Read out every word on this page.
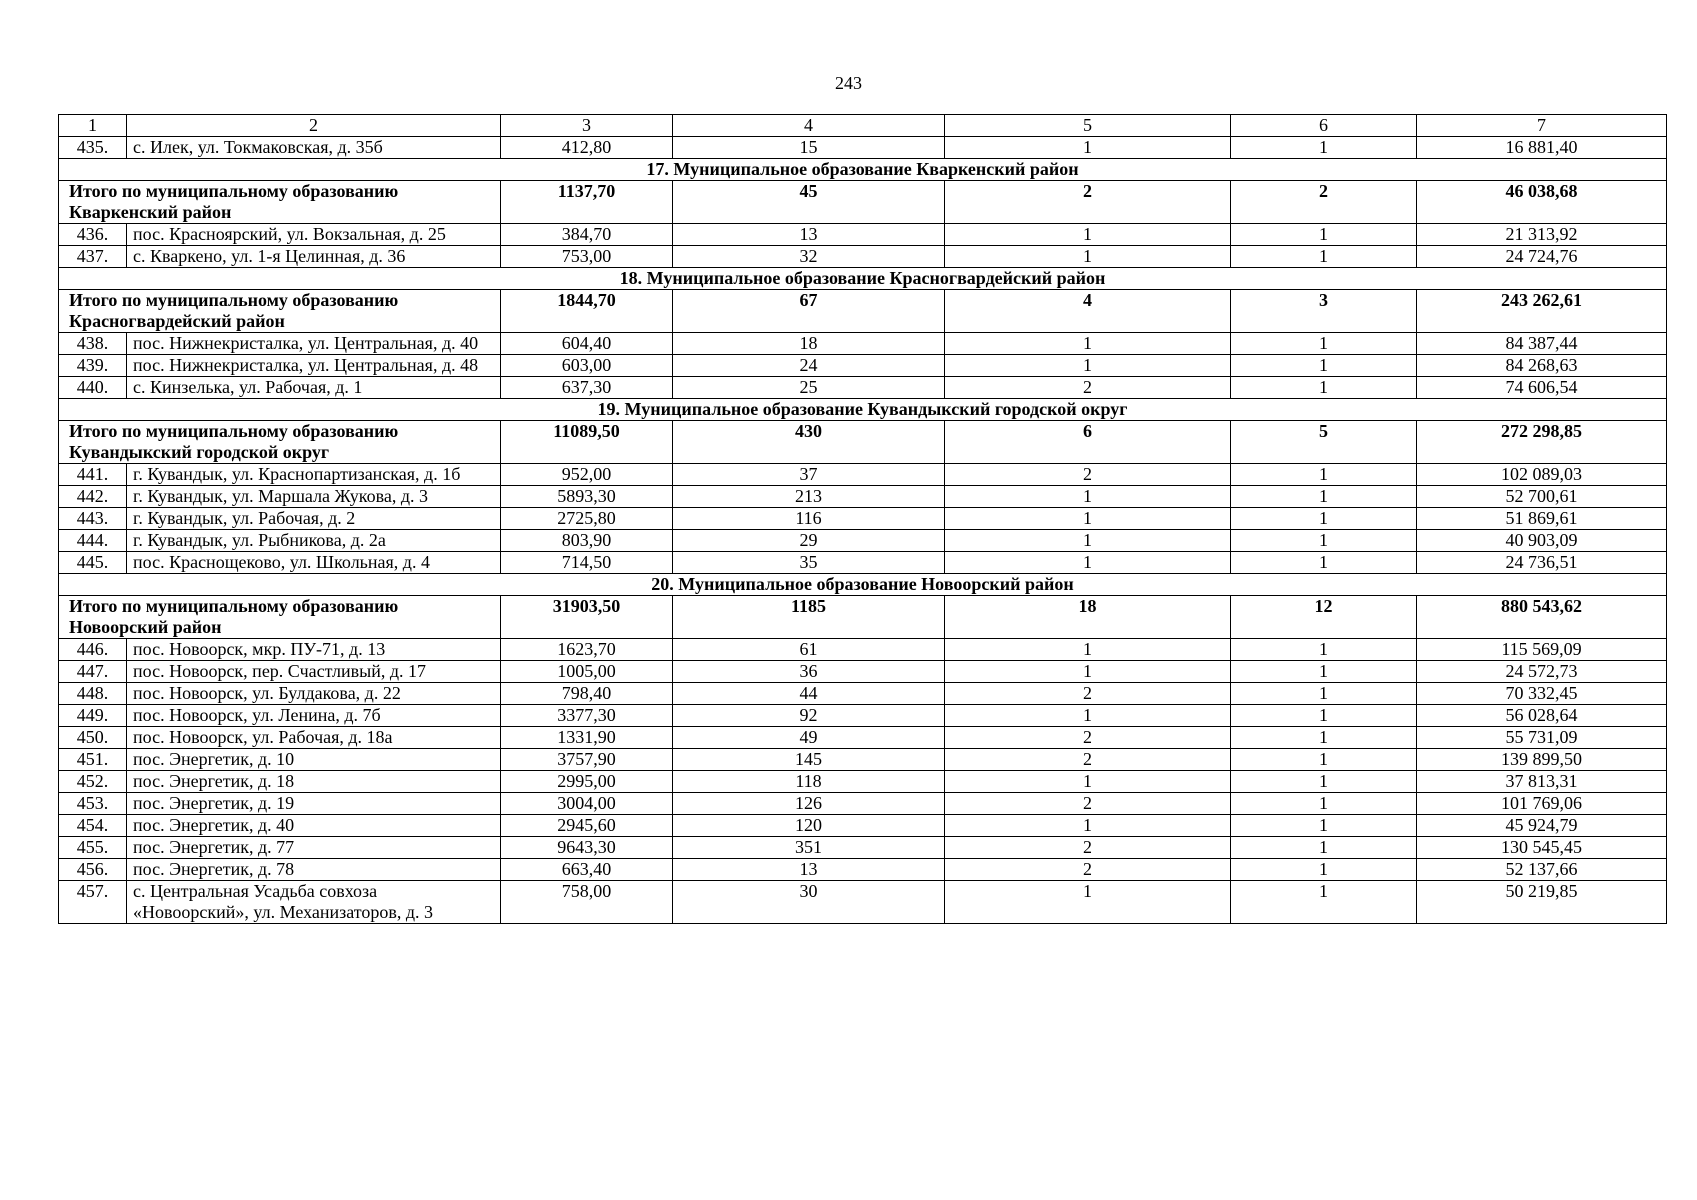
243
1	2	3	4	5	6	7
435.	с. Илек, ул. Токмаковская, д. 35б	412,80	15	1	1	16 881,40
17. Муниципальное образование Кваркенский район						
Итого по муниципальному образованию Кваркенский район		1137,70	45	2	2	46 038,68
436.	пос. Красноярский, ул. Вокзальная, д. 25	384,70	13	1	1	21 313,92
437.	с. Кваркено, ул. 1-я Целинная, д. 36	753,00	32	1	1	24 724,76
18. Муниципальное образование Красногвардейский район						
Итого по муниципальному образованию Красногвардейский район		1844,70	67	4	3	243 262,61
438.	пос. Нижнекристалка, ул. Центральная, д. 40	604,40	18	1	1	84 387,44
439.	пос. Нижнекристалка, ул. Центральная, д. 48	603,00	24	1	1	84 268,63
440.	с. Кинзелька, ул. Рабочая, д. 1	637,30	25	2	1	74 606,54
19. Муниципальное образование Кувандыкский городской округ						
Итого по муниципальному образованию Кувандыкский городской округ		11089,50	430	6	5	272 298,85
441.	г. Кувандык, ул. Краснопартизанская, д. 1б	952,00	37	2	1	102 089,03
442.	г. Кувандык, ул. Маршала Жукова, д. 3	5893,30	213	1	1	52 700,61
443.	г. Кувандык, ул. Рабочая, д. 2	2725,80	116	1	1	51 869,61
444.	г. Кувандык, ул. Рыбникова, д. 2а	803,90	29	1	1	40 903,09
445.	пос. Краснощеково, ул. Школьная, д. 4	714,50	35	1	1	24 736,51
20. Муниципальное образование Новоорский район						
Итого по муниципальному образованию Новоорский район		31903,50	1185	18	12	880 543,62
446.	пос. Новоорск, мкр. ПУ-71, д. 13	1623,70	61	1	1	115 569,09
447.	пос. Новоорск, пер. Счастливый, д. 17	1005,00	36	1	1	24 572,73
448.	пос. Новоорск, ул. Булдакова, д. 22	798,40	44	2	1	70 332,45
449.	пос. Новоорск, ул. Ленина, д. 7б	3377,30	92	1	1	56 028,64
450.	пос. Новоорск, ул. Рабочая, д. 18а	1331,90	49	2	1	55 731,09
451.	пос. Энергетик, д. 10	3757,90	145	2	1	139 899,50
452.	пос. Энергетик, д. 18	2995,00	118	1	1	37 813,31
453.	пос. Энергетик, д. 19	3004,00	126	2	1	101 769,06
454.	пос. Энергетик, д. 40	2945,60	120	1	1	45 924,79
455.	пос. Энергетик, д. 77	9643,30	351	2	1	130 545,45
456.	пос. Энергетик, д. 78	663,40	13	2	1	52 137,66
457.	с. Центральная Усадьба совхоза «Новоорский», ул. Механизаторов, д. 3	758,00	30	1	1	50 219,85
